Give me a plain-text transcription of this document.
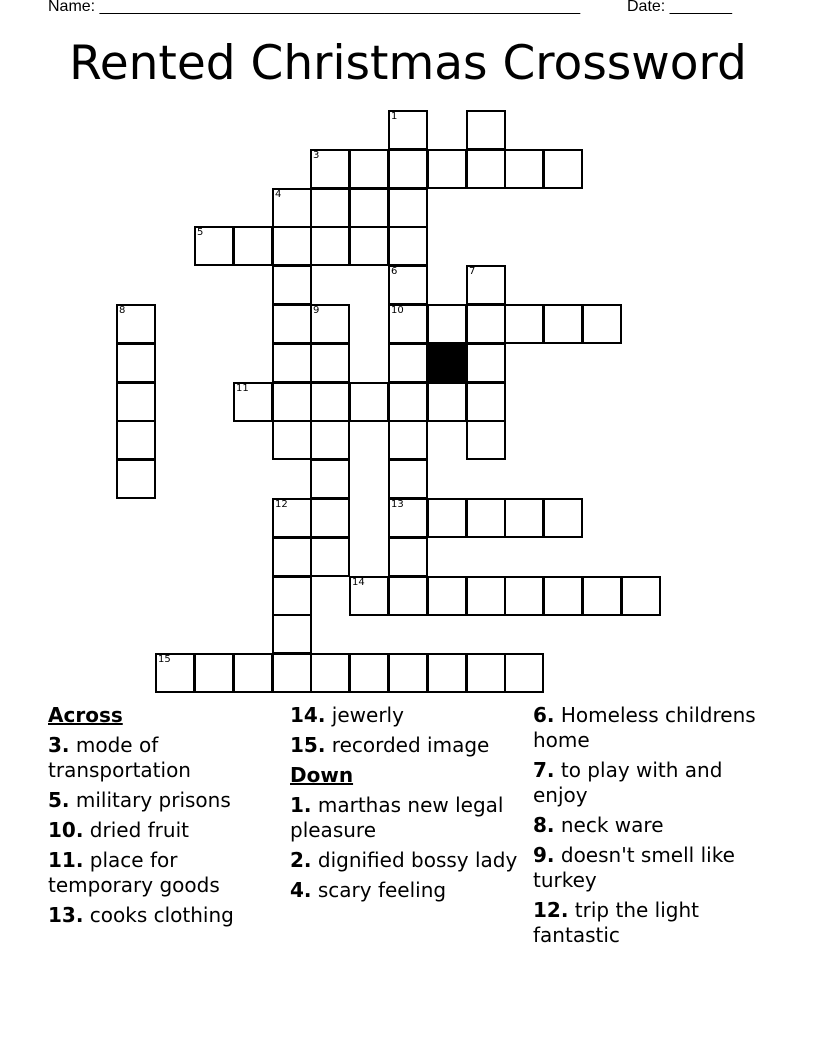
Name: ______________________________________________________	Date: _______
Rented Christmas Crossword
1
3
4
5
6	7
8	9	10
11
12	13
14
15
Across
3. mode of transportation
5. military prisons
10. dried fruit
11. place for temporary goods
13. cooks clothing
14. jewerly
15. recorded image
Down
1. marthas new legal pleasure
2. dignified bossy lady
4. scary feeling
6. Homeless childrens home
7. to play with and enjoy
8. neck ware
9. doesn't smell like turkey
12. trip the light fantastic
